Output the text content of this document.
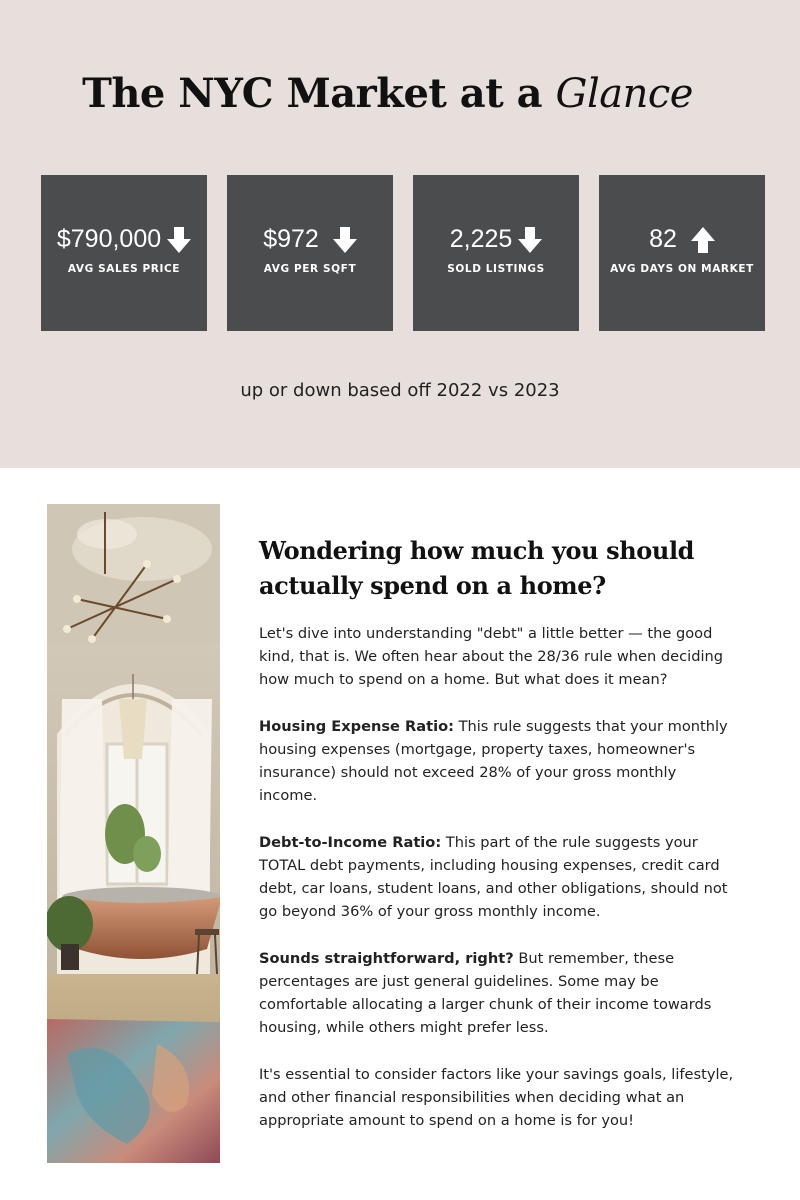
The NYC Market at a Glance
$790,000
AVG SALES PRICE
$972
AVG PER SQFT
2,225
SOLD LISTINGS
82
AVG DAYS ON MARKET
up or down based off 2022 vs 2023
Wondering how much you should
actually spend on a home?

Let's dive into understanding "debt" a little better — the good kind, that is. We often hear about the 28/36 rule when deciding how much to spend on a home. But what does it mean?

Housing Expense Ratio: This rule suggests that your monthly housing expenses (mortgage, property taxes, homeowner's insurance) should not exceed 28% of your gross monthly income.

Debt-to-Income Ratio: This part of the rule suggests your TOTAL debt payments, including housing expenses, credit card debt, car loans, student loans, and other obligations, should not go beyond 36% of your gross monthly income.

Sounds straightforward, right? But remember, these percentages are just general guidelines. Some may be comfortable allocating a larger chunk of their income towards housing, while others might prefer less.

It's essential to consider factors like your savings goals, lifestyle, and other financial responsibilities when deciding what an appropriate amount to spend on a home is for you!
